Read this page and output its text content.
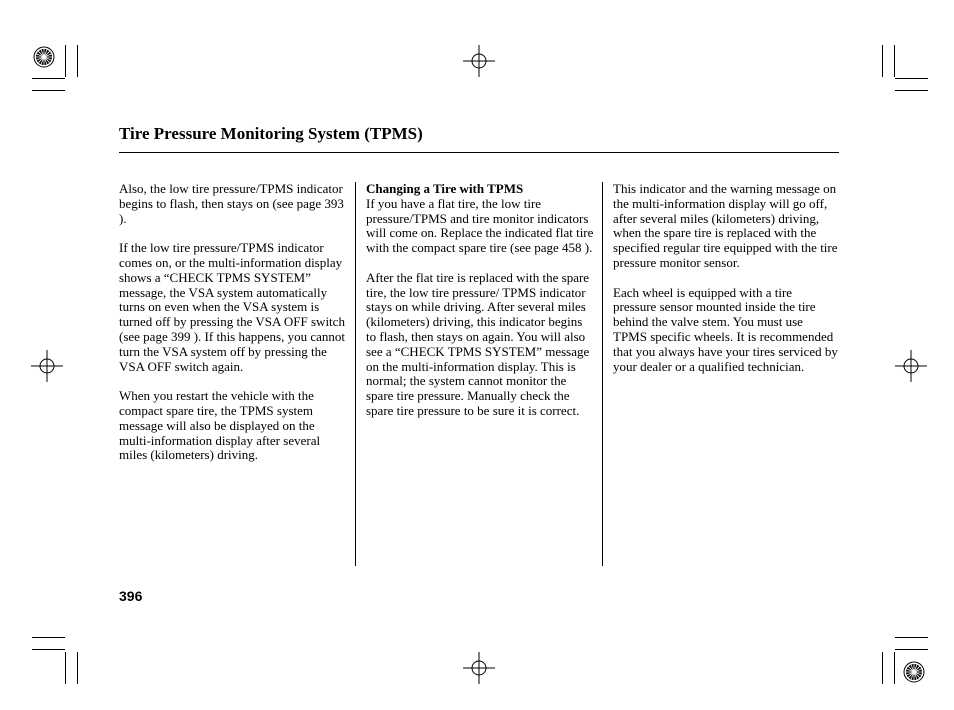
Tire Pressure Monitoring System (TPMS)

Also, the low tire pressure/TPMS indicator begins to flash, then stays on (see page 393 ).

If the low tire pressure/TPMS indicator comes on, or the multi-information display shows a “CHECK TPMS SYSTEM” message, the VSA system automatically turns on even when the VSA system is turned off by pressing the VSA OFF switch (see page 399 ). If this happens, you cannot turn the VSA system off by pressing the VSA OFF switch again.

When you restart the vehicle with the compact spare tire, the TPMS system message will also be displayed on the multi-information display after several miles (kilometers) driving.

Changing a Tire with TPMS
If you have a flat tire, the low tire pressure/TPMS and tire monitor indicators will come on. Replace the indicated flat tire with the compact spare tire (see page 458 ).

After the flat tire is replaced with the spare tire, the low tire pressure/ TPMS indicator stays on while driving. After several miles (kilometers) driving, this indicator begins to flash, then stays on again. You will also see a “CHECK TPMS SYSTEM” message on the multi-information display. This is normal; the system cannot monitor the spare tire pressure. Manually check the spare tire pressure to be sure it is correct.

This indicator and the warning message on the multi-information display will go off, after several miles (kilometers) driving, when the spare tire is replaced with the specified regular tire equipped with the tire pressure monitor sensor.

Each wheel is equipped with a tire pressure sensor mounted inside the tire behind the valve stem. You must use TPMS specific wheels. It is recommended that you always have your tires serviced by your dealer or a qualified technician.

396
